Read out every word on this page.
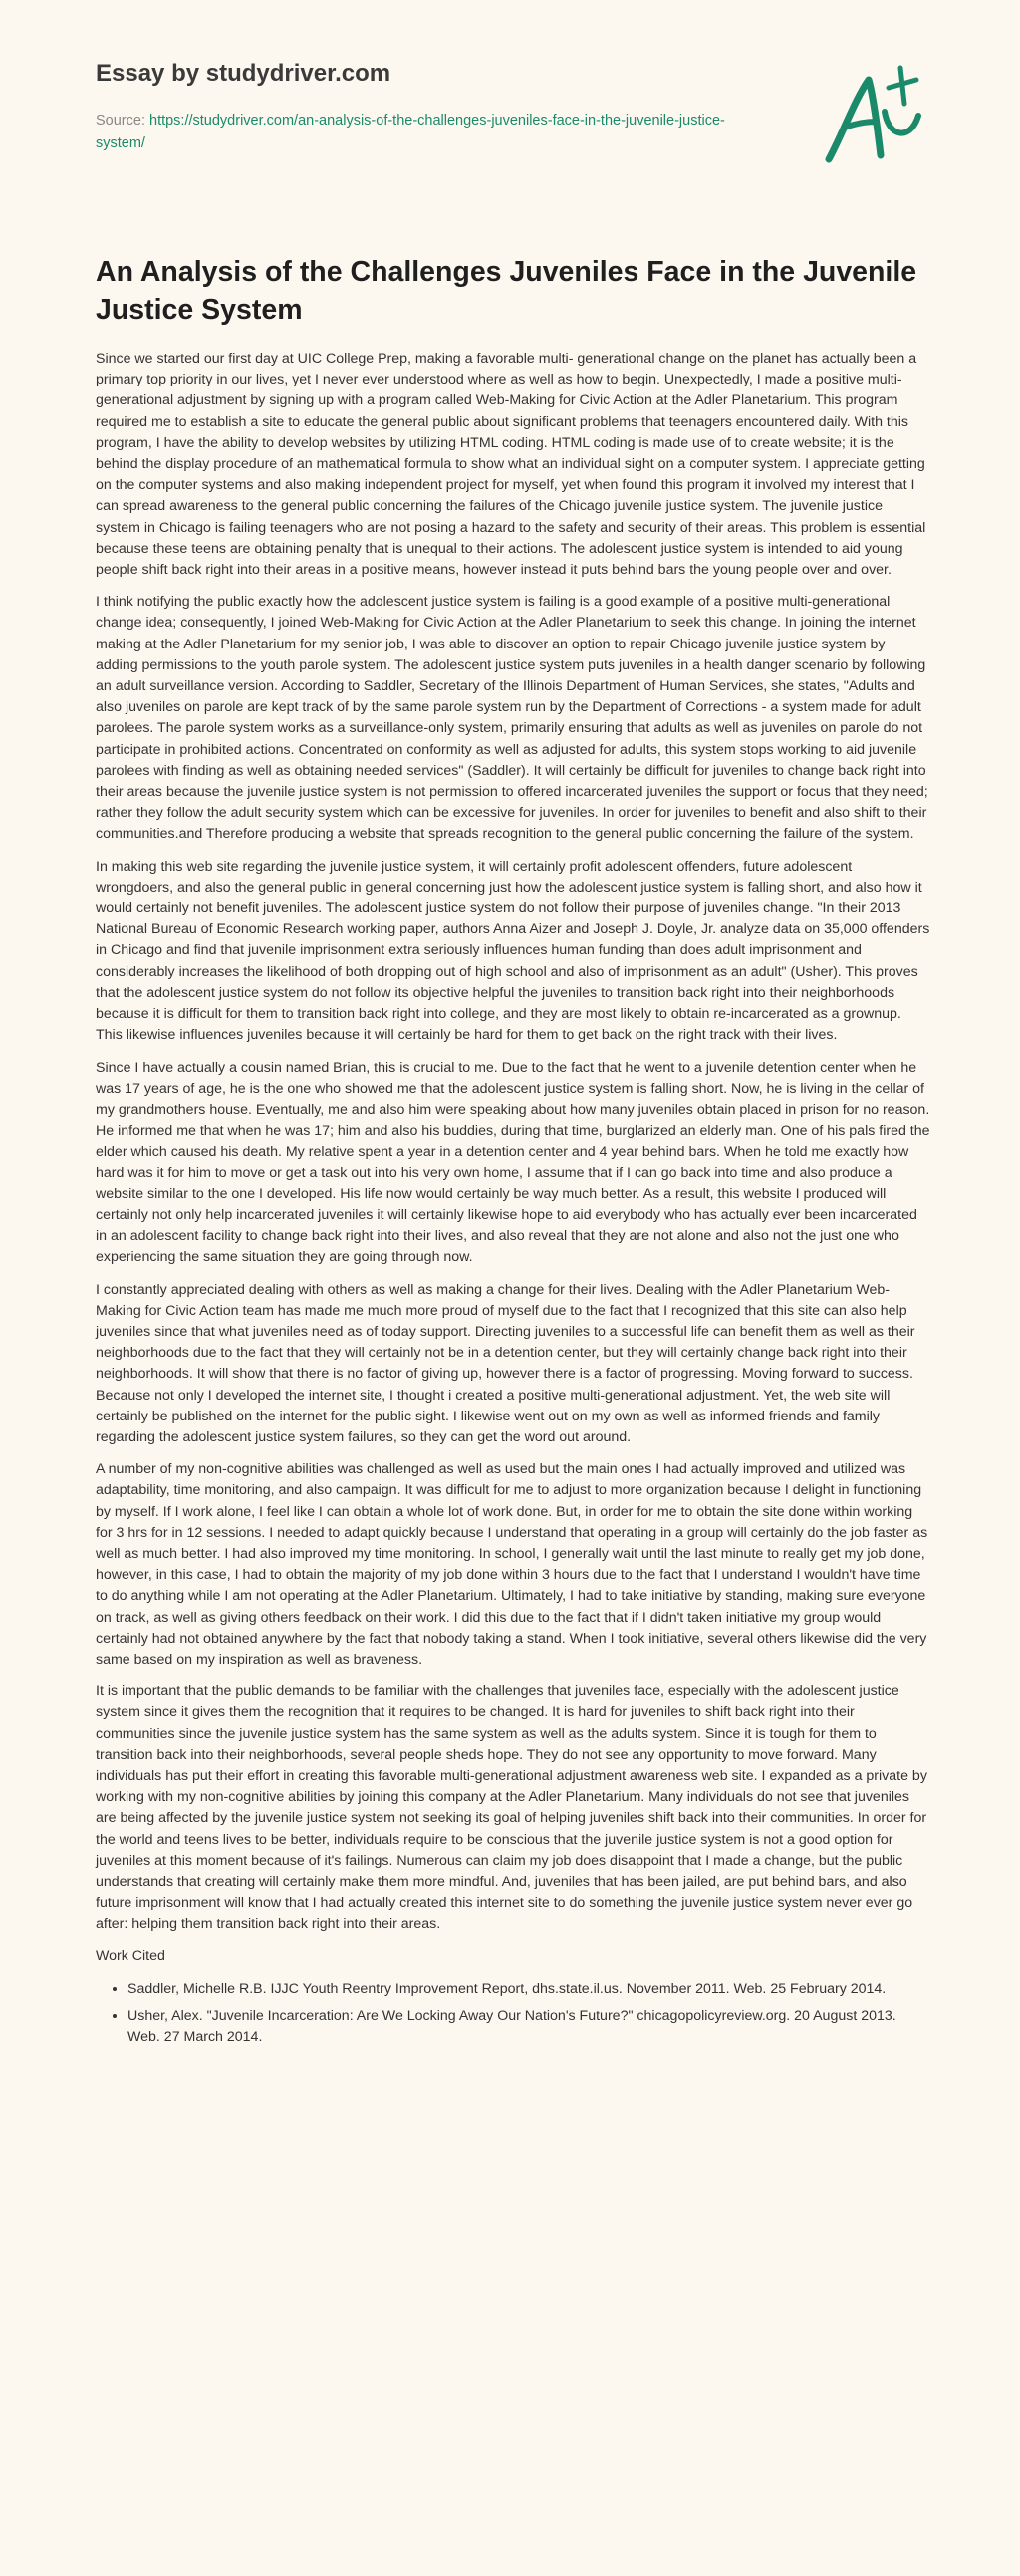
Essay by studydriver.com
Source: https://studydriver.com/an-analysis-of-the-challenges-juveniles-face-in-the-juvenile-justice-system/
An Analysis of the Challenges Juveniles Face in the Juvenile Justice System

Since we started our first day at UIC College Prep, making a favorable multi- generational change on the planet has actually been a primary top priority in our lives, yet I never ever understood where as well as how to begin. Unexpectedly, I made a positive multi-generational adjustment by signing up with a program called Web-Making for Civic Action at the Adler Planetarium. This program required me to establish a site to educate the general public about significant problems that teenagers encountered daily. With this program, I have the ability to develop websites by utilizing HTML coding. HTML coding is made use of to create website; it is the behind the display procedure of an mathematical formula to show what an individual sight on a computer system. I appreciate getting on the computer systems and also making independent project for myself, yet when found this program it involved my interest that I can spread awareness to the general public concerning the failures of the Chicago juvenile justice system. The juvenile justice system in Chicago is failing teenagers who are not posing a hazard to the safety and security of their areas. This problem is essential because these teens are obtaining penalty that is unequal to their actions. The adolescent justice system is intended to aid young people shift back right into their areas in a positive means, however instead it puts behind bars the young people over and over.

I think notifying the public exactly how the adolescent justice system is failing is a good example of a positive multi-generational change idea; consequently, I joined Web-Making for Civic Action at the Adler Planetarium to seek this change. In joining the internet making at the Adler Planetarium for my senior job, I was able to discover an option to repair Chicago juvenile justice system by adding permissions to the youth parole system. The adolescent justice system puts juveniles in a health danger scenario by following an adult surveillance version. According to Saddler, Secretary of the Illinois Department of Human Services, she states, "Adults and also juveniles on parole are kept track of by the same parole system run by the Department of Corrections - a system made for adult parolees. The parole system works as a surveillance-only system, primarily ensuring that adults as well as juveniles on parole do not participate in prohibited actions. Concentrated on conformity as well as adjusted for adults, this system stops working to aid juvenile parolees with finding as well as obtaining needed services" (Saddler). It will certainly be difficult for juveniles to change back right into their areas because the juvenile justice system is not permission to offered incarcerated juveniles the support or focus that they need; rather they follow the adult security system which can be excessive for juveniles. In order for juveniles to benefit and also shift to their communities.and Therefore producing a website that spreads recognition to the general public concerning the failure of the system.

In making this web site regarding the juvenile justice system, it will certainly profit adolescent offenders, future adolescent wrongdoers, and also the general public in general concerning just how the adolescent justice system is falling short, and also how it would certainly not benefit juveniles. The adolescent justice system do not follow their purpose of juveniles change. "In their 2013 National Bureau of Economic Research working paper, authors Anna Aizer and Joseph J. Doyle, Jr. analyze data on 35,000 offenders in Chicago and find that juvenile imprisonment extra seriously influences human funding than does adult imprisonment and considerably increases the likelihood of both dropping out of high school and also of imprisonment as an adult" (Usher). This proves that the adolescent justice system do not follow its objective helpful the juveniles to transition back right into their neighborhoods because it is difficult for them to transition back right into college, and they are most likely to obtain re-incarcerated as a grownup. This likewise influences juveniles because it will certainly be hard for them to get back on the right track with their lives.

Since I have actually a cousin named Brian, this is crucial to me. Due to the fact that he went to a juvenile detention center when he was 17 years of age, he is the one who showed me that the adolescent justice system is falling short. Now, he is living in the cellar of my grandmothers house. Eventually, me and also him were speaking about how many juveniles obtain placed in prison for no reason. He informed me that when he was 17; him and also his buddies, during that time, burglarized an elderly man. One of his pals fired the elder which caused his death. My relative spent a year in a detention center and 4 year behind bars. When he told me exactly how hard was it for him to move or get a task out into his very own home, I assume that if I can go back into time and also produce a website similar to the one I developed. His life now would certainly be way much better. As a result, this website I produced will certainly not only help incarcerated juveniles it will certainly likewise hope to aid everybody who has actually ever been incarcerated in an adolescent facility to change back right into their lives, and also reveal that they are not alone and also not the just one who experiencing the same situation they are going through now.

I constantly appreciated dealing with others as well as making a change for their lives. Dealing with the Adler Planetarium Web-Making for Civic Action team has made me much more proud of myself due to the fact that I recognized that this site can also help juveniles since that what juveniles need as of today support. Directing juveniles to a successful life can benefit them as well as their neighborhoods due to the fact that they will certainly not be in a detention center, but they will certainly change back right into their neighborhoods. It will show that there is no factor of giving up, however there is a factor of progressing. Moving forward to success. Because not only I developed the internet site, I thought i created a positive multi-generational adjustment. Yet, the web site will certainly be published on the internet for the public sight. I likewise went out on my own as well as informed friends and family regarding the adolescent justice system failures, so they can get the word out around.

A number of my non-cognitive abilities was challenged as well as used but the main ones I had actually improved and utilized was adaptability, time monitoring, and also campaign. It was difficult for me to adjust to more organization because I delight in functioning by myself. If I work alone, I feel like I can obtain a whole lot of work done. But, in order for me to obtain the site done within working for 3 hrs for in 12 sessions. I needed to adapt quickly because I understand that operating in a group will certainly do the job faster as well as much better. I had also improved my time monitoring. In school, I generally wait until the last minute to really get my job done, however, in this case, I had to obtain the majority of my job done within 3 hours due to the fact that I understand I wouldn't have time to do anything while I am not operating at the Adler Planetarium. Ultimately, I had to take initiative by standing, making sure everyone on track, as well as giving others feedback on their work. I did this due to the fact that if I didn't taken initiative my group would certainly had not obtained anywhere by the fact that nobody taking a stand. When I took initiative, several others likewise did the very same based on my inspiration as well as braveness.

It is important that the public demands to be familiar with the challenges that juveniles face, especially with the adolescent justice system since it gives them the recognition that it requires to be changed. It is hard for juveniles to shift back right into their communities since the juvenile justice system has the same system as well as the adults system. Since it is tough for them to transition back into their neighborhoods, several people sheds hope. They do not see any opportunity to move forward. Many individuals has put their effort in creating this favorable multi-generational adjustment awareness web site. I expanded as a private by working with my non-cognitive abilities by joining this company at the Adler Planetarium. Many individuals do not see that juveniles are being affected by the juvenile justice system not seeking its goal of helping juveniles shift back into their communities. In order for the world and teens lives to be better, individuals require to be conscious that the juvenile justice system is not a good option for juveniles at this moment because of it's failings. Numerous can claim my job does disappoint that I made a change, but the public understands that creating will certainly make them more mindful. And, juveniles that has been jailed, are put behind bars, and also future imprisonment will know that I had actually created this internet site to do something the juvenile justice system never ever go after: helping them transition back right into their areas.

Work Cited
• Saddler, Michelle R.B. IJJC Youth Reentry Improvement Report, dhs.state.il.us. November 2011. Web. 25 February 2014.
• Usher, Alex. "Juvenile Incarceration: Are We Locking Away Our Nation's Future?" chicagopolicyreview.org. 20 August 2013. Web. 27 March 2014.
